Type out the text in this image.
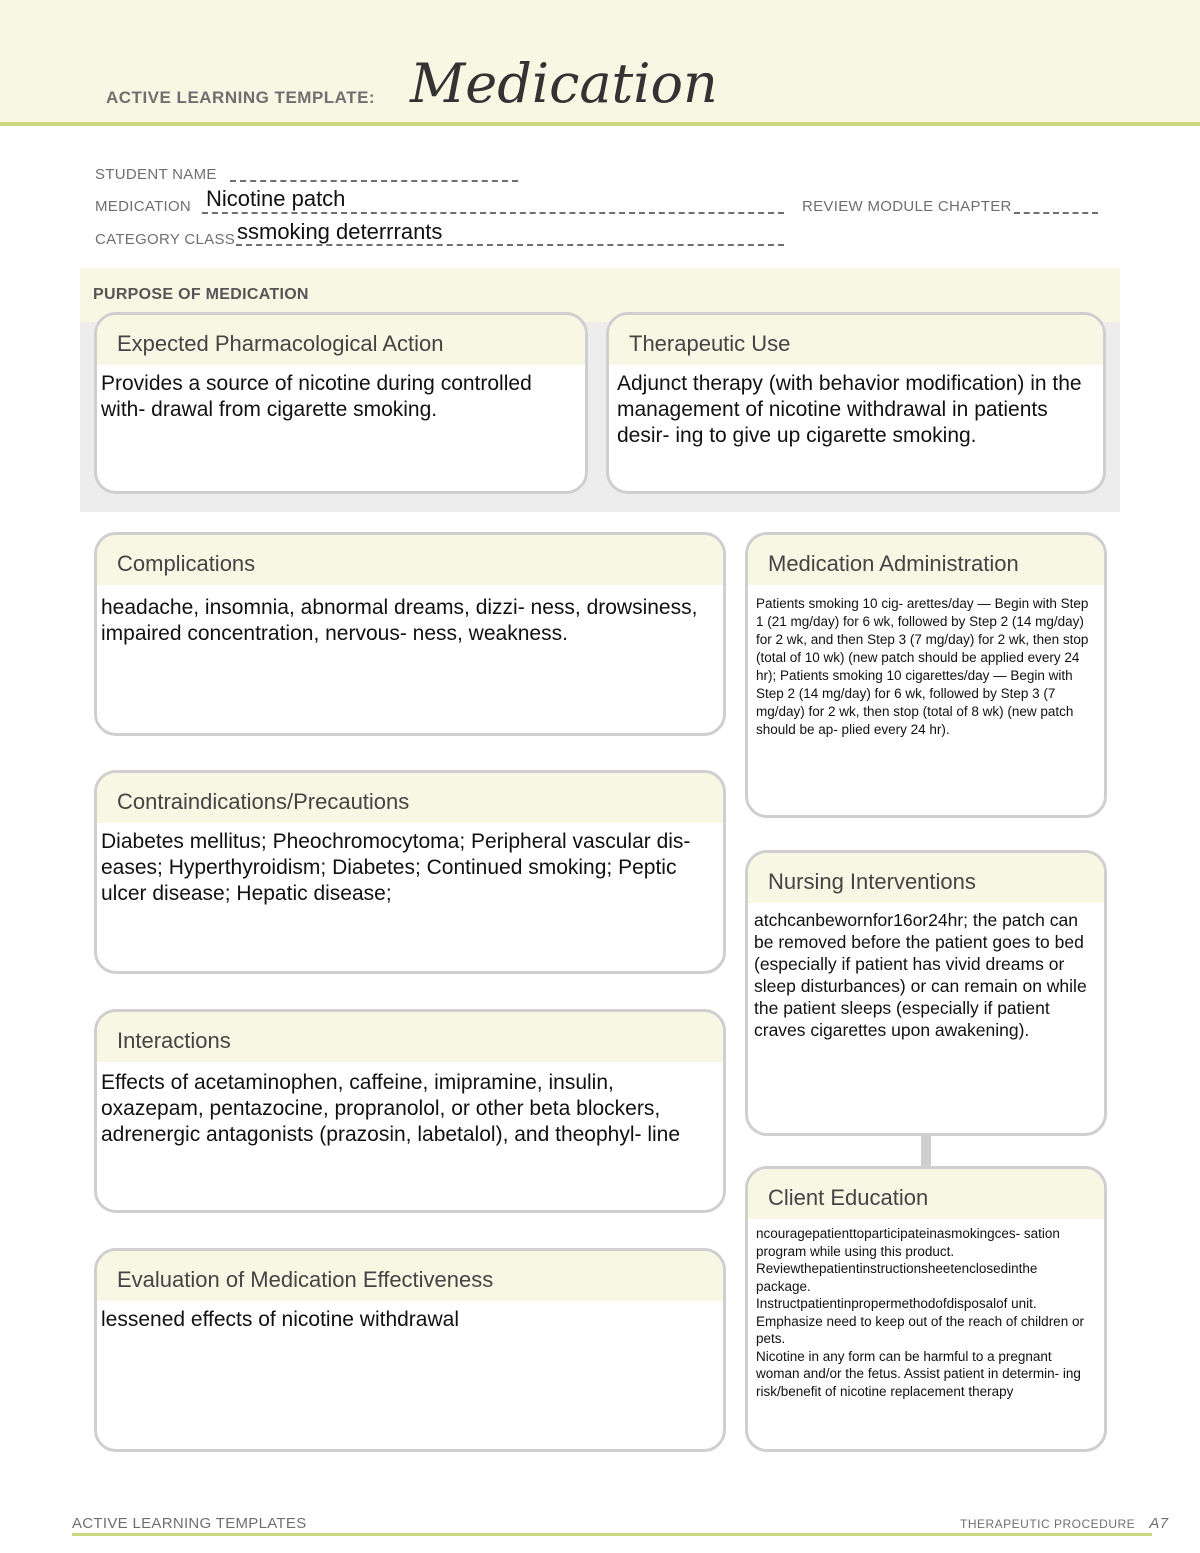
ACTIVE LEARNING TEMPLATE: Medication
STUDENT NAME
MEDICATION Nicotine patch	REVIEW MODULE CHAPTER
CATEGORY CLASS ssmoking deterrrants
PURPOSE OF MEDICATION
Expected Pharmacological Action
Provides a source of nicotine during controlled with- drawal from cigarette smoking.
Therapeutic Use
Adjunct therapy (with behavior modification) in the management of nicotine withdrawal in patients desir- ing to give up cigarette smoking.
Complications
headache, insomnia, abnormal dreams, dizzi- ness, drowsiness, impaired concentration, nervous- ness, weakness.
Contraindications/Precautions
Diabetes mellitus; Pheochromocytoma; Peripheral vascular dis- eases; Hyperthyroidism; Diabetes; Continued smoking; Peptic ulcer disease; Hepatic disease;
Interactions
Effects of acetaminophen, caffeine, imipramine, insulin, oxazepam, pentazocine, propranolol, or other beta blockers, adrenergic antagonists (prazosin, labetalol), and theophyl- line
Evaluation of Medication Effectiveness
lessened effects of nicotine withdrawal
Medication Administration
Patients smoking 10 cig- arettes/day — Begin with Step 1 (21 mg/day) for 6 wk, followed by Step 2 (14 mg/day) for 2 wk, and then Step 3 (7 mg/day) for 2 wk, then stop (total of 10 wk) (new patch should be applied every 24 hr); Patients smoking 10 cigarettes/day — Begin with Step 2 (14 mg/day) for 6 wk, followed by Step 3 (7 mg/day) for 2 wk, then stop (total of 8 wk) (new patch should be ap- plied every 24 hr).
Nursing Interventions
atchcanbewornfor16or24hr; the patch can be removed before the patient goes to bed (especially if patient has vivid dreams or sleep disturbances) or can remain on while the patient sleeps (especially if patient craves cigarettes upon awakening).
Client Education
ncouragepatienttoparticipateinasmokingces- sation program while using this product.
Reviewthepatientinstructionsheetenclosedinthe package.
Instructpatientinpropermethodofdisposalof unit. Emphasize need to keep out of the reach of children or pets.
Nicotine in any form can be harmful to a pregnant woman and/or the fetus. Assist patient in determin- ing risk/benefit of nicotine replacement therapy
ACTIVE LEARNING TEMPLATES	THERAPEUTIC PROCEDURE A7
